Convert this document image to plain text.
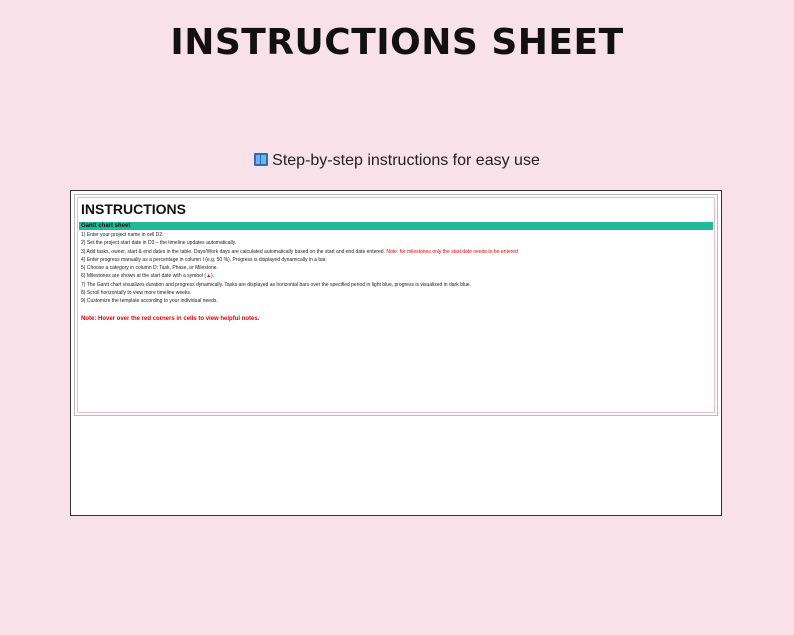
INSTRUCTIONS SHEET
Step-by-step instructions for easy use
INSTRUCTIONS
Gantt chart sheet
1) Enter your project name in cell D2.
2) Set the project start date in D3 – the timeline updates automatically.
3) Add tasks, owner, start & end dates in the table. Days/Work days are calculated automatically based on the start and end date entered. Note: for milestones only the start date needs to be entered
4) Enter progress manually as a percentage in column I (e.g. 50 %). Progress is displayed dynamically in a bar.
5) Choose a category in column D: Task, Phase, or Milestone.
6) Milestones are shown at the start date with a symbol (▲).
7) The Gantt chart visualizes duration and progress dynamically. Tasks are displayed as horizontal bars over the specified period in light blue, progress is visualized in dark blue.
8) Scroll horizontally to view more timeline weeks.
9) Customize the template according to your individual needs.
Note: Hover over the red corners in cells to view helpful notes.
